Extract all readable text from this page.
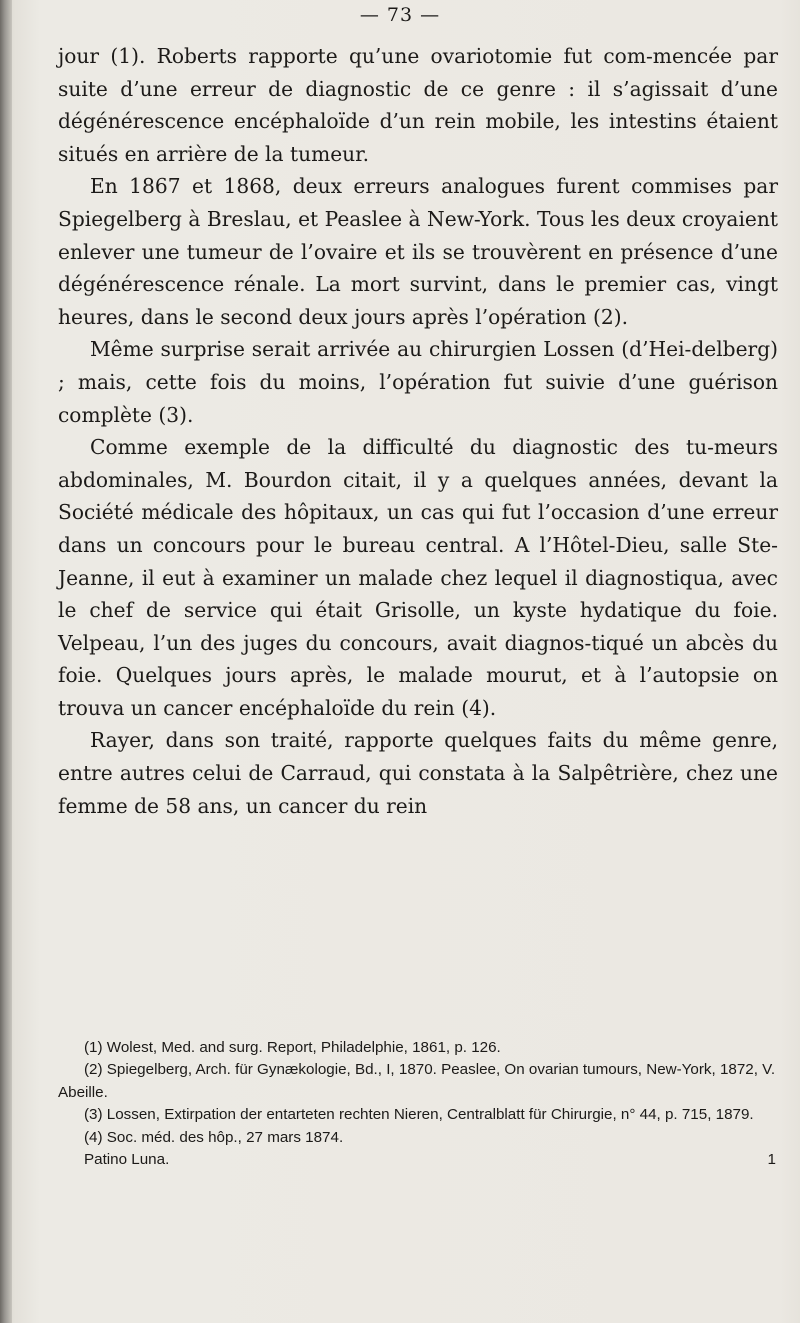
— 73 —

jour (1). Roberts rapporte qu’une ovariotomie fut com-mencée par suite d’une erreur de diagnostic de ce genre : il s’agissait d’une dégénérescence encéphaloïde d’un rein mobile, les intestins étaient situés en arrière de la tumeur.

En 1867 et 1868, deux erreurs analogues furent commises par Spiegelberg à Breslau, et Peaslee à New-York. Tous les deux croyaient enlever une tumeur de l’ovaire et ils se trouvèrent en présence d’une dégénérescence rénale. La mort survint, dans le premier cas, vingt heures, dans le second deux jours après l’opération (2).

Même surprise serait arrivée au chirurgien Lossen (d’Hei-delberg) ; mais, cette fois du moins, l’opération fut suivie d’une guérison complète (3).

Comme exemple de la difficulté du diagnostic des tu-meurs abdominales, M. Bourdon citait, il y a quelques années, devant la Société médicale des hôpitaux, un cas qui fut l’occasion d’une erreur dans un concours pour le bureau central. A l’Hôtel-Dieu, salle Ste-Jeanne, il eut à examiner un malade chez lequel il diagnostiqua, avec le chef de service qui était Grisolle, un kyste hydatique du foie. Velpeau, l’un des juges du concours, avait diagnos-tiqué un abcès du foie. Quelques jours après, le malade mourut, et à l’autopsie on trouva un cancer encéphaloïde du rein (4).

Rayer, dans son traité, rapporte quelques faits du même genre, entre autres celui de Carraud, qui constata à la Salpêtrière, chez une femme de 58 ans, un cancer du rein

(1) Wolest, Med. and surg. Report, Philadelphie, 1861, p. 126.

(2) Spiegelberg, Arch. für Gynækologie, Bd., I, 1870. Peaslee, On ovarian tumours, New-York, 1872, V. Abeille.

(3) Lossen, Extirpation der entarteten rechten Nieren, Centralblatt für Chirurgie, n° 44, p. 715, 1879.

(4) Soc. méd. des hôp., 27 mars 1874.

Patino Luna.	1
